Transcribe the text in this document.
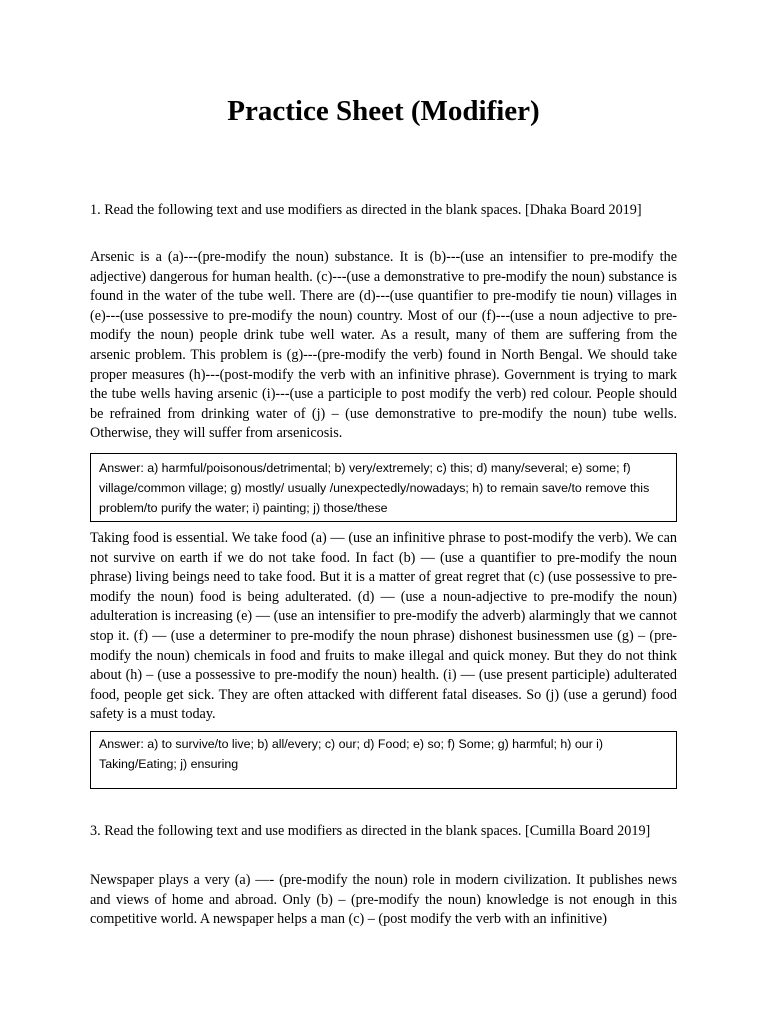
Practice Sheet (Modifier)

1. Read the following text and use modifiers as directed in the blank spaces. [Dhaka Board 2019]

Arsenic is a (a)---(pre-modify the noun) substance. It is (b)---(use an intensifier to pre-modify the adjective) dangerous for human health. (c)---(use a demonstrative to pre-modify the noun) substance is found in the water of the tube well. There are (d)---(use quantifier to pre-modify tie noun) villages in (e)---(use possessive to pre-modify the noun) country. Most of our (f)---(use a noun adjective to pre-modify the noun) people drink tube well water. As a result, many of them are suffering from the arsenic problem. This problem is (g)---(pre-modify the verb) found in North Bengal. We should take proper measures (h)---(post-modify the verb with an infinitive phrase). Government is trying to mark the tube wells having arsenic (i)---(use a participle to post modify the verb) red colour. People should be refrained from drinking water of (j) – (use demonstrative to pre-modify the noun) tube wells. Otherwise, they will suffer from arsenicosis.

Answer: a) harmful/poisonous/detrimental; b) very/extremely; c) this; d) many/several; e) some; f) village/common village; g) mostly/ usually /unexpectedly/nowadays; h) to remain save/to remove this problem/to purify the water; i) painting; j) those/these

Taking food is essential. We take food (a) — (use an infinitive phrase to post-modify the verb). We can not survive on earth if we do not take food. In fact (b) — (use a quantifier to pre-modify the noun phrase) living beings need to take food. But it is a matter of great regret that (c) (use possessive to pre-modify the noun) food is being adulterated. (d) — (use a noun-adjective to pre-modify the noun) adulteration is increasing (e) — (use an intensifier to pre-modify the adverb) alarmingly that we cannot stop it. (f) — (use a determiner to pre-modify the noun phrase) dishonest businessmen use (g) – (pre-modify the noun) chemicals in food and fruits to make illegal and quick money. But they do not think about (h) – (use a possessive to pre-modify the noun) health. (i) — (use present participle) adulterated food, people get sick. They are often attacked with different fatal diseases. So (j) (use a gerund) food safety is a must today.

Answer: a) to survive/to live; b) all/every; c) our; d) Food; e) so; f) Some; g) harmful; h) our i) Taking/Eating; j) ensuring

3. Read the following text and use modifiers as directed in the blank spaces. [Cumilla Board 2019]

Newspaper plays a very (a) —- (pre-modify the noun) role in modern civilization. It publishes news and views of home and abroad. Only (b) – (pre-modify the noun) knowledge is not enough in this competitive world. A newspaper helps a man (c) – (post modify the verb with an infinitive)
